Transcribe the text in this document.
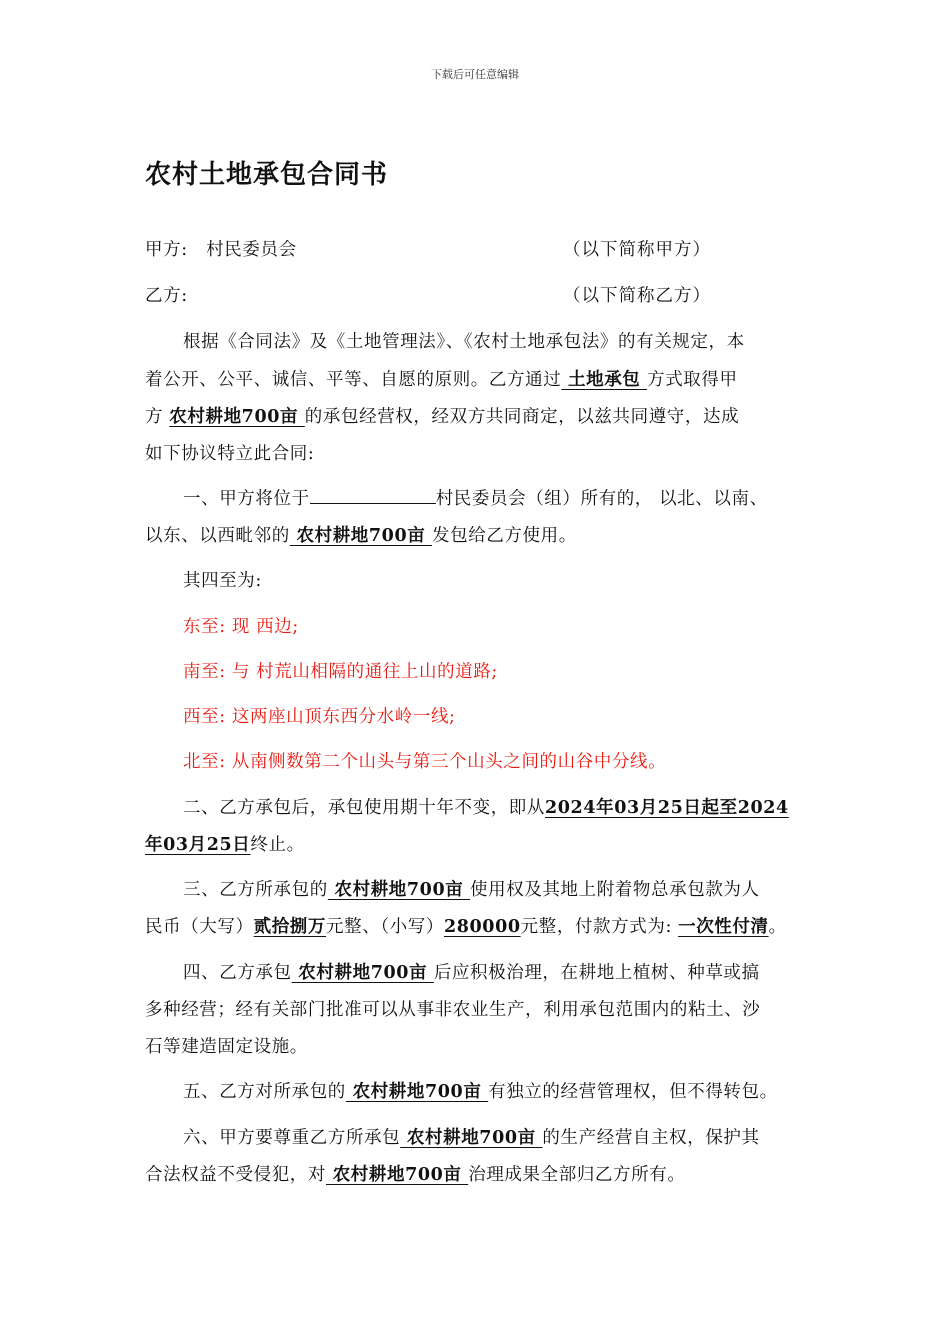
下载后可任意编辑
农村土地承包合同书
甲方: 村民委员会	（以下简称甲方）
乙方:	（以下简称乙方）
根据《合同法》及《土地管理法》、《农村土地承包法》的有关规定，本
着公开、公平、诚信、平等、自愿的原则。乙方通过 土地承包 方式取得甲
方 农村耕地700亩 的承包经营权，经双方共同商定，以兹共同遵守，达成
如下协议特立此合同:
一、甲方将位于	村民委员会（组）所有的， 以北、以南、
以东、以西毗邻的 农村耕地700亩 发包给乙方使用。
其四至为:
东至: 现 西边;
南至: 与 村荒山相隔的通往上山的道路;
西至: 这两座山顶东西分水岭一线;
北至: 从南侧数第二个山头与第三个山头之间的山谷中分线。
二、乙方承包后，承包使用期十年不变，即从2024年03月25日起至2024
年03月25日终止。
三、乙方所承包的 农村耕地700亩 使用权及其地上附着物总承包款为人
民币（大写）贰拾捌万元整、（小写）280000元整，付款方式为: 一次性付清。
四、乙方承包 农村耕地700亩 后应积极治理，在耕地上植树、种草或搞
多种经营；经有关部门批准可以从事非农业生产，利用承包范围内的粘土、沙
石等建造固定设施。
五、乙方对所承包的 农村耕地700亩 有独立的经营管理权，但不得转包。
六、甲方要尊重乙方所承包 农村耕地700亩 的生产经营自主权，保护其
合法权益不受侵犯，对 农村耕地700亩 治理成果全部归乙方所有。
